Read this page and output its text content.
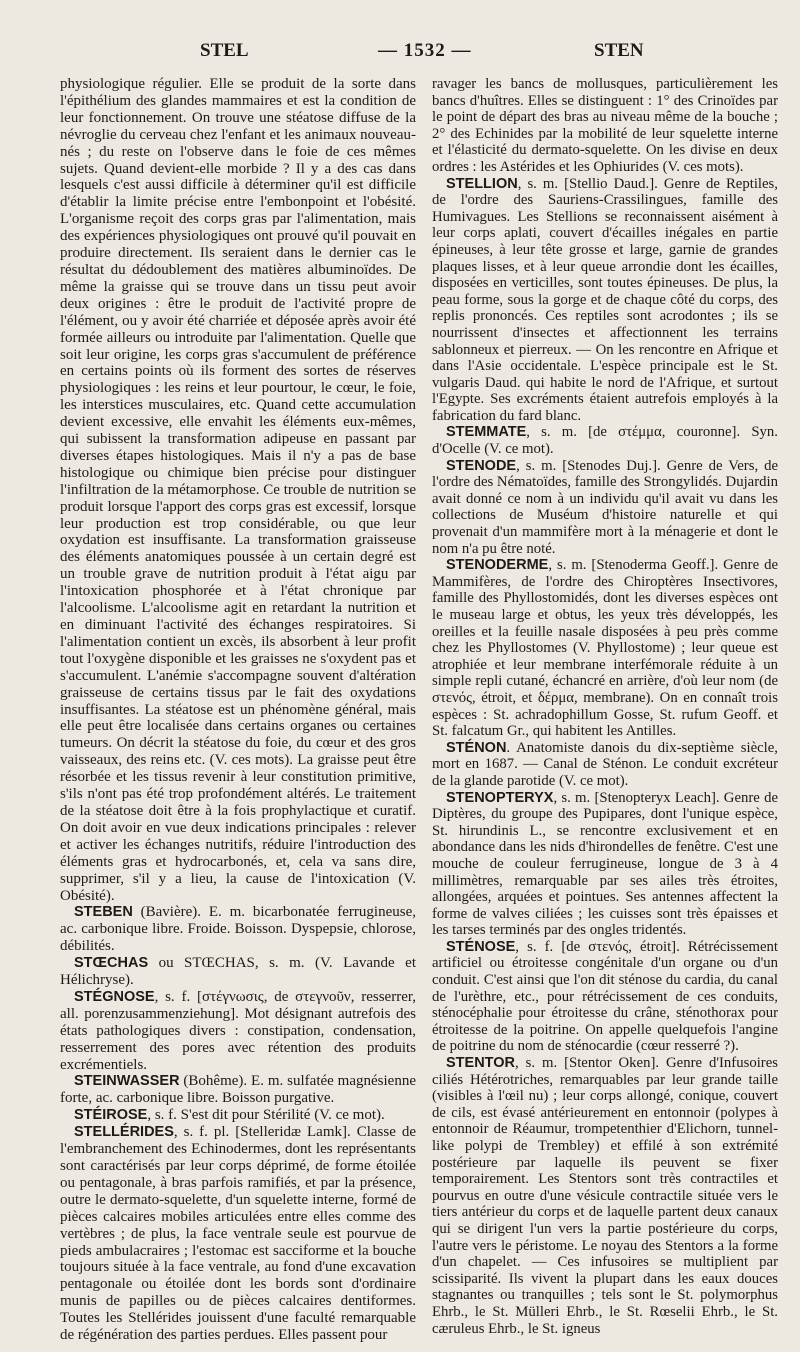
STEL	— 1532 —	STEN

physiologique régulier. Elle se produit de la sorte dans l'épithélium des glandes mammaires et est la condition de leur fonctionnement. On trouve une stéatose diffuse de la névroglie du cerveau chez l'enfant et les animaux nouveau-nés ; du reste on l'observe dans le foie de ces mêmes sujets. Quand devient-elle morbide ? Il y a des cas dans lesquels c'est aussi difficile à déterminer qu'il est difficile d'établir la limite précise entre l'embonpoint et l'obésité. L'organisme reçoit des corps gras par l'alimentation, mais des expériences physiologiques ont prouvé qu'il pouvait en produire directement. Ils seraient dans le dernier cas le résultat du dédoublement des matières albuminoïdes. De même la graisse qui se trouve dans un tissu peut avoir deux origines : être le produit de l'activité propre de l'élément, ou y avoir été charriée et déposée après avoir été formée ailleurs ou introduite par l'alimentation. Quelle que soit leur origine, les corps gras s'accumulent de préférence en certains points où ils forment des sortes de réserves physiologiques : les reins et leur pourtour, le cœur, le foie, les interstices musculaires, etc. Quand cette accumulation devient excessive, elle envahit les éléments eux-mêmes, qui subissent la transformation adipeuse en passant par diverses étapes histologiques. Mais il n'y a pas de base histologique ou chimique bien précise pour distinguer l'infiltration de la métamorphose. Ce trouble de nutrition se produit lorsque l'apport des corps gras est excessif, lorsque leur production est trop considérable, ou que leur oxydation est insuffisante. La transformation graisseuse des éléments anatomiques poussée à un certain degré est un trouble grave de nutrition produit à l'état aigu par l'intoxication phosphorée et à l'état chronique par l'alcoolisme. L'alcoolisme agit en retardant la nutrition et en diminuant l'activité des échanges respiratoires. Si l'alimentation contient un excès, ils absorbent à leur profit tout l'oxygène disponible et les graisses ne s'oxydent pas et s'accumulent. L'anémie s'accompagne souvent d'altération graisseuse de certains tissus par le fait des oxydations insuffisantes. La stéatose est un phénomène général, mais elle peut être localisée dans certains organes ou certaines tumeurs. On décrit la stéatose du foie, du cœur et des gros vaisseaux, des reins etc. (V. ces mots). La graisse peut être résorbée et les tissus revenir à leur constitution primitive, s'ils n'ont pas été trop profondément altérés. Le traitement de la stéatose doit être à la fois prophylactique et curatif. On doit avoir en vue deux indications principales : relever et activer les échanges nutritifs, réduire l'introduction des éléments gras et hydrocarbonés, et, cela va sans dire, supprimer, s'il y a lieu, la cause de l'intoxication (V. Obésité).

STEBEN (Bavière). E. m. bicarbonatée ferrugineuse, ac. carbonique libre. Froide. Boisson. Dyspepsie, chlorose, débilités.

STŒCHAS ou STŒCHAS, s. m. (V. Lavande et Hélichryse).

STÉGNOSE, s. f. [στέγνωσις, de στεγνοῦν, resserrer, all. porenzusammenziehung]. Mot désignant autrefois des états pathologiques divers : constipation, condensation, resserrement des pores avec rétention des produits excrémentiels.

STEINWASSER (Bohême). E. m. sulfatée magnésienne forte, ac. carbonique libre. Boisson purgative.

STÉIROSE, s. f. S'est dit pour Stérilité (V. ce mot).

STELLÉRIDES, s. f. pl. [Stelleridæ Lamk]. Classe de l'embranchement des Echinodermes, dont les représentants sont caractérisés par leur corps déprimé, de forme étoilée ou pentagonale, à bras parfois ramifiés, et par la présence, outre le dermato-squelette, d'un squelette interne, formé de pièces calcaires mobiles articulées entre elles comme des vertèbres ; de plus, la face ventrale seule est pourvue de pieds ambulacraires ; l'estomac est sacciforme et la bouche toujours située à la face ventrale, au fond d'une excavation pentagonale ou étoilée dont les bords sont d'ordinaire munis de papilles ou de pièces calcaires dentiformes. Toutes les Stellérides jouissent d'une faculté remarquable de régénération des parties perdues. Elles passent pour

ravager les bancs de mollusques, particulièrement les bancs d'huîtres. Elles se distinguent : 1° des Crinoïdes par le point de départ des bras au niveau même de la bouche ; 2° des Echinides par la mobilité de leur squelette interne et l'élasticité du dermato-squelette. On les divise en deux ordres : les Astérides et les Ophiurides (V. ces mots).

STELLION, s. m. [Stellio Daud.]. Genre de Reptiles, de l'ordre des Sauriens-Crassilingues, famille des Humivagues. Les Stellions se reconnaissent aisément à leur corps aplati, couvert d'écailles inégales en partie épineuses, à leur tête grosse et large, garnie de grandes plaques lisses, et à leur queue arrondie dont les écailles, disposées en verticilles, sont toutes épineuses. De plus, la peau forme, sous la gorge et de chaque côté du corps, des replis prononcés. Ces reptiles sont acrodontes ; ils se nourrissent d'insectes et affectionnent les terrains sablonneux et pierreux. — On les rencontre en Afrique et dans l'Asie occidentale. L'espèce principale est le St. vulgaris Daud. qui habite le nord de l'Afrique, et surtout l'Egypte. Ses excréments étaient autrefois employés à la fabrication du fard blanc.

STEMMATE, s. m. [de στέμμα, couronne]. Syn. d'Ocelle (V. ce mot).

STENODE, s. m. [Stenodes Duj.]. Genre de Vers, de l'ordre des Nématoïdes, famille des Strongylidés. Dujardin avait donné ce nom à un individu qu'il avait vu dans les collections de Muséum d'histoire naturelle et qui provenait d'un mammifère mort à la ménagerie et dont le nom n'a pu être noté.

STENODERME, s. m. [Stenoderma Geoff.]. Genre de Mammifères, de l'ordre des Chiroptères Insectivores, famille des Phyllostomidés, dont les diverses espèces ont le museau large et obtus, les yeux très développés, les oreilles et la feuille nasale disposées à peu près comme chez les Phyllostomes (V. Phyllostome) ; leur queue est atrophiée et leur membrane interfémorale réduite à un simple repli cutané, échancré en arrière, d'où leur nom (de στενός, étroit, et δέρμα, membrane). On en connaît trois espèces : St. achradophillum Gosse, St. rufum Geoff. et St. falcatum Gr., qui habitent les Antilles.

STÉNON. Anatomiste danois du dix-septième siècle, mort en 1687. — Canal de Sténon. Le conduit excréteur de la glande parotide (V. ce mot).

STENOPTERYX, s. m. [Stenopteryx Leach]. Genre de Diptères, du groupe des Pupipares, dont l'unique espèce, St. hirundinis L., se rencontre exclusivement et en abondance dans les nids d'hirondelles de fenêtre. C'est une mouche de couleur ferrugineuse, longue de 3 à 4 millimètres, remarquable par ses ailes très étroites, allongées, arquées et pointues. Ses antennes affectent la forme de valves ciliées ; les cuisses sont très épaisses et les tarses terminés par des ongles tridentés.

STÉNOSE, s. f. [de στενός, étroit]. Rétrécissement artificiel ou étroitesse congénitale d'un organe ou d'un conduit. C'est ainsi que l'on dit sténose du cardia, du canal de l'urèthre, etc., pour rétrécissement de ces conduits, sténocéphalie pour étroitesse du crâne, sténothorax pour étroitesse de la poitrine. On appelle quelquefois l'angine de poitrine du nom de sténocardie (cœur resserré ?).

STENTOR, s. m. [Stentor Oken]. Genre d'Infusoires ciliés Hétérotriches, remarquables par leur grande taille (visibles à l'œil nu) ; leur corps allongé, conique, couvert de cils, est évasé antérieurement en entonnoir (polypes à entonnoir de Réaumur, trompetenthier d'Elichorn, tunnel-like polypi de Trembley) et effilé à son extrémité postérieure par laquelle ils peuvent se fixer temporairement. Les Stentors sont très contractiles et pourvus en outre d'une vésicule contractile située vers le tiers antérieur du corps et de laquelle partent deux canaux qui se dirigent l'un vers la partie postérieure du corps, l'autre vers le péristome. Le noyau des Stentors a la forme d'un chapelet. — Ces infusoires se multiplient par scissiparité. Ils vivent la plupart dans les eaux douces stagnantes ou tranquilles ; tels sont le St. polymorphus Ehrb., le St. Mülleri Ehrb., le St. Rœselii Ehrb., le St. cæruleus Ehrb., le St. igneus
